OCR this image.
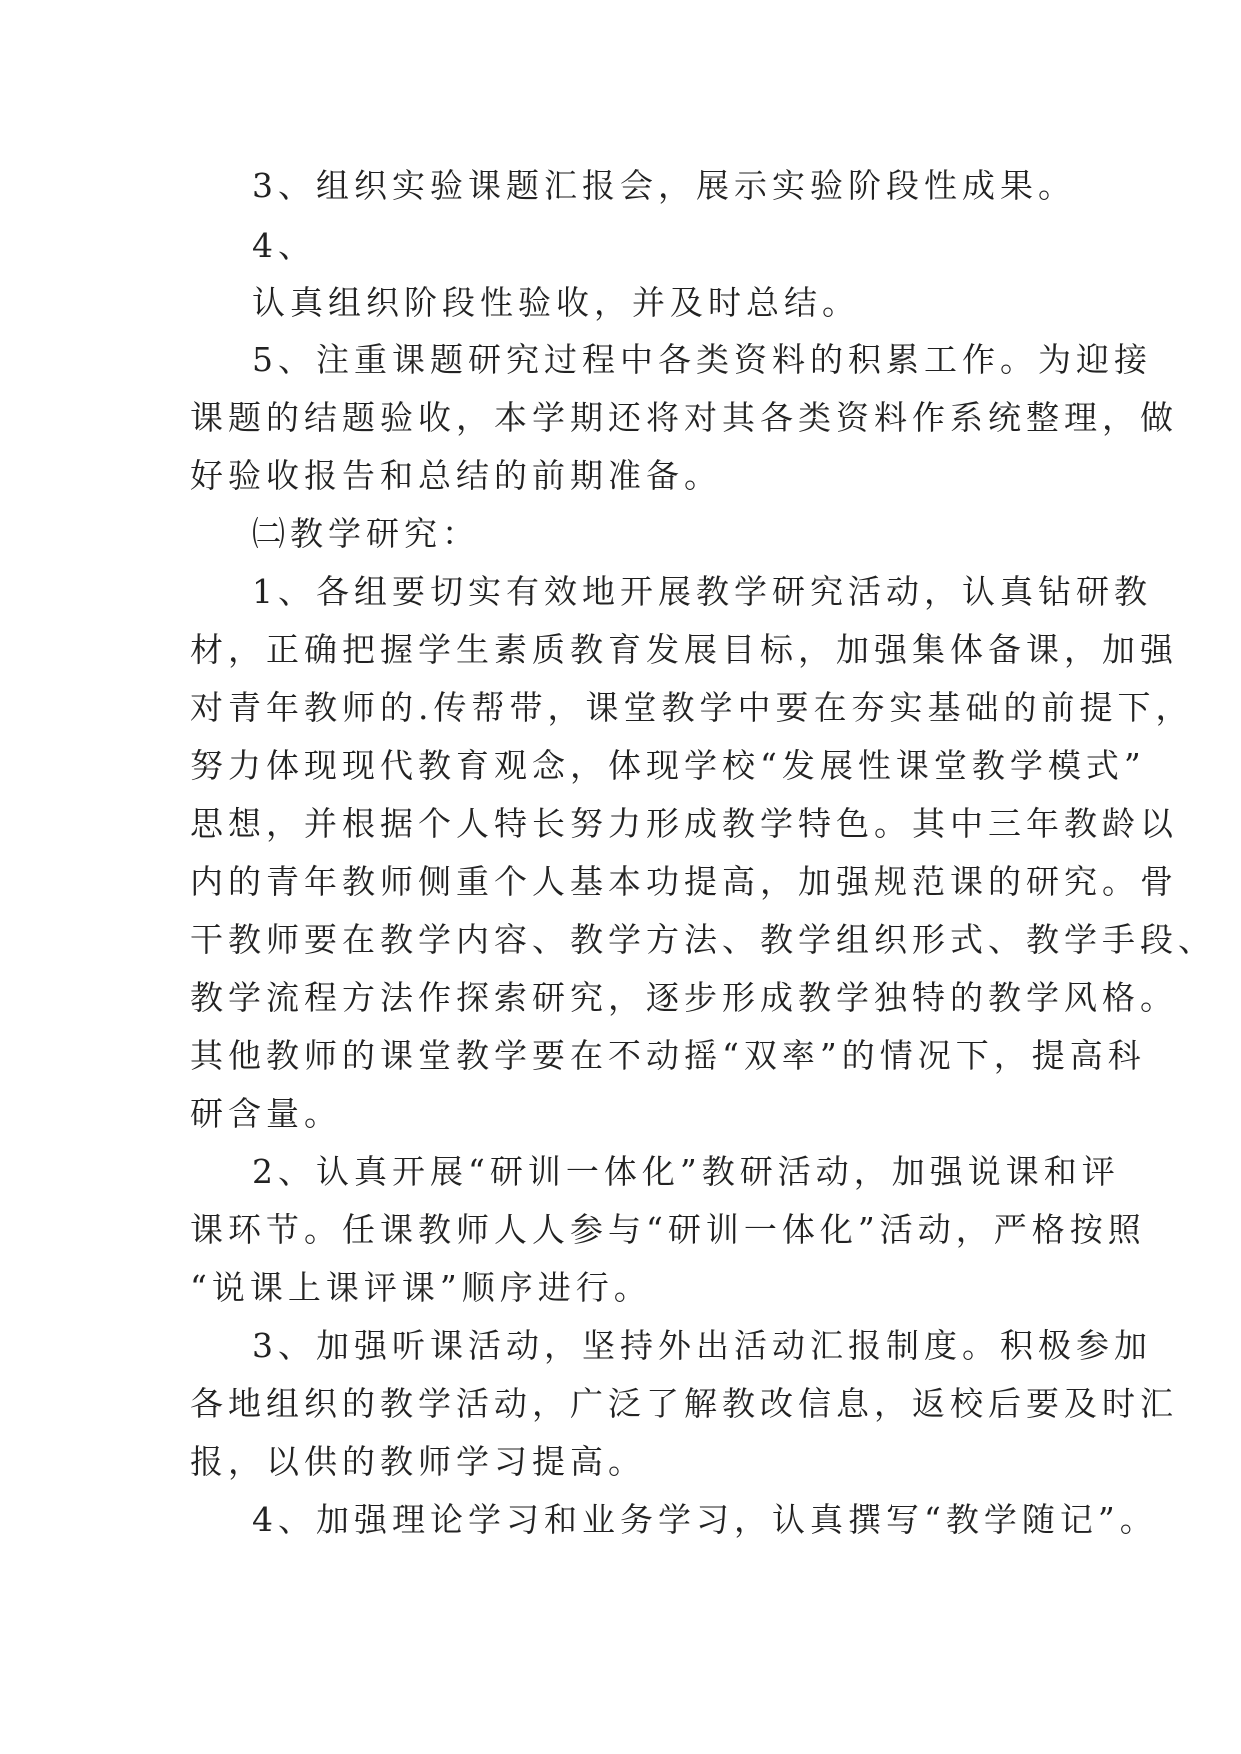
3、组织实验课题汇报会，展示实验阶段性成果。
4、
认真组织阶段性验收，并及时总结。
5、注重课题研究过程中各类资料的积累工作。为迎接
课题的结题验收，本学期还将对其各类资料作系统整理，做
好验收报告和总结的前期准备。
㈡教学研究：
1、各组要切实有效地开展教学研究活动，认真钻研教
材，正确把握学生素质教育发展目标，加强集体备课，加强
对青年教师的.传帮带，课堂教学中要在夯实基础的前提下，
努力体现现代教育观念，体现学校“发展性课堂教学模式”
思想，并根据个人特长努力形成教学特色。其中三年教龄以
内的青年教师侧重个人基本功提高，加强规范课的研究。骨
干教师要在教学内容、教学方法、教学组织形式、教学手段、
教学流程方法作探索研究，逐步形成教学独特的教学风格。
其他教师的课堂教学要在不动摇“双率”的情况下，提高科
研含量。
2、认真开展“研训一体化”教研活动，加强说课和评
课环节。任课教师人人参与“研训一体化”活动，严格按照
“说课上课评课”顺序进行。
3、加强听课活动，坚持外出活动汇报制度。积极参加
各地组织的教学活动，广泛了解教改信息，返校后要及时汇
报，以供的教师学习提高。
4、加强理论学习和业务学习，认真撰写“教学随记”。
